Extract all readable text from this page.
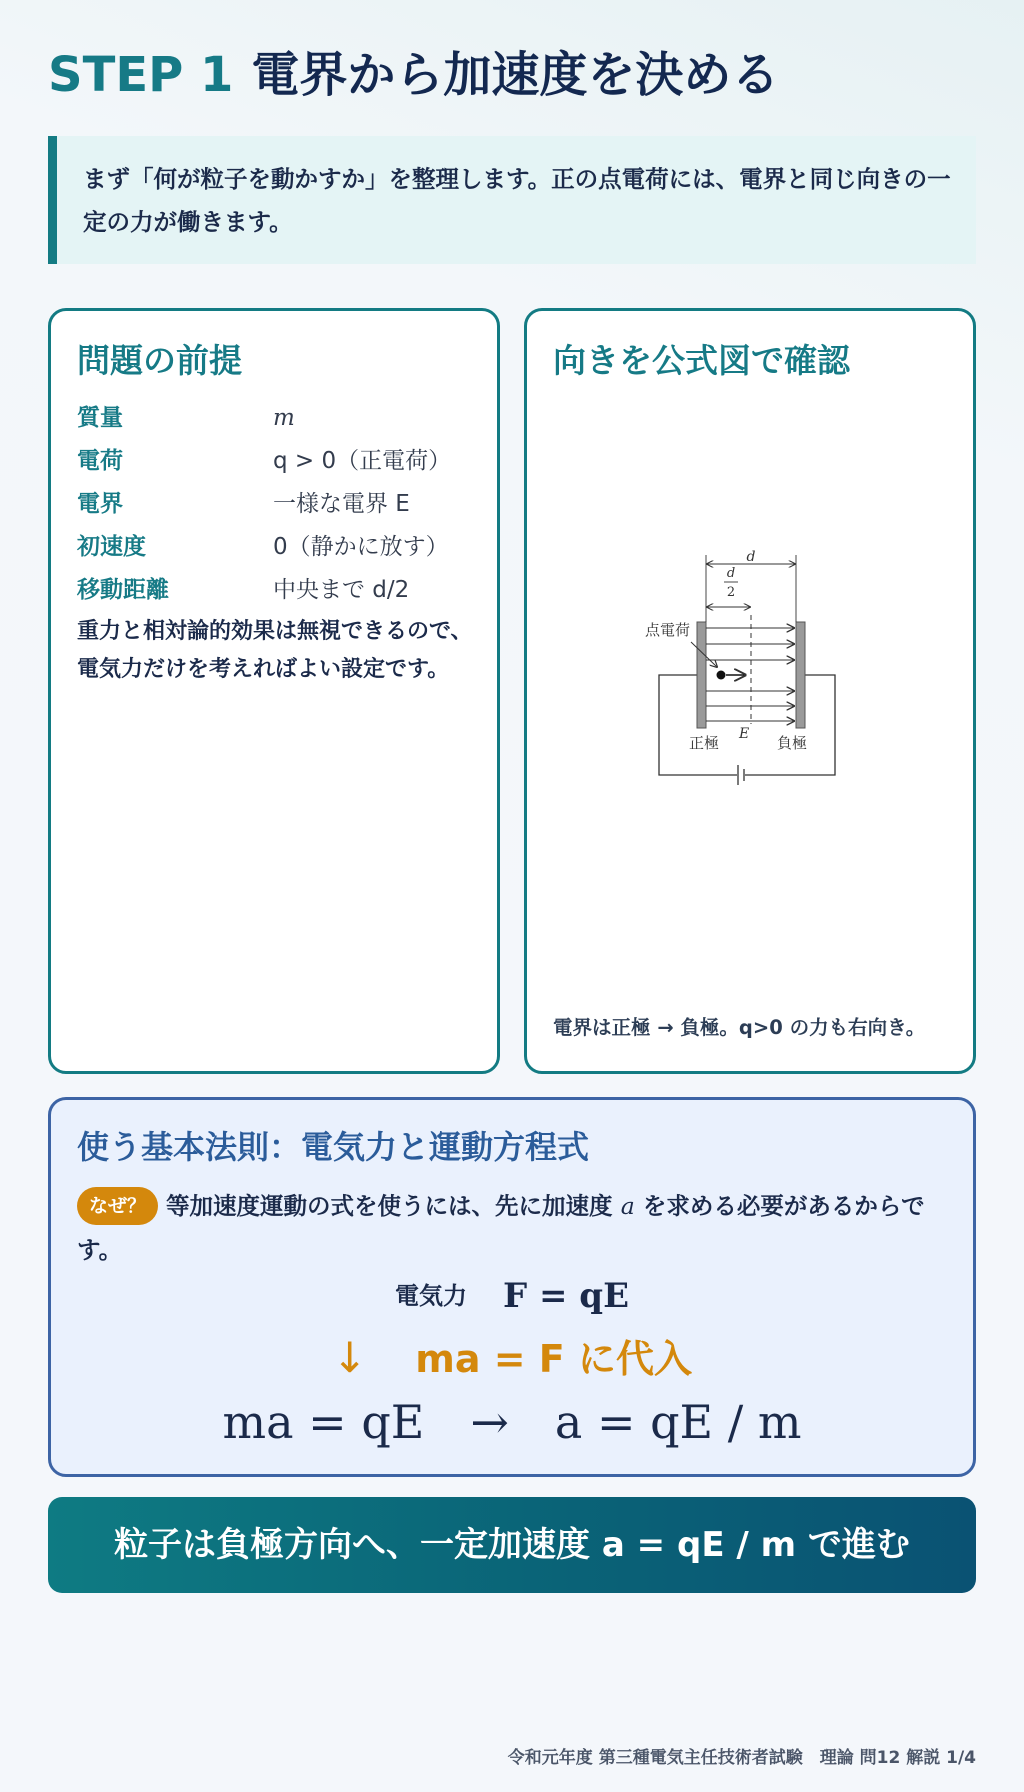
STEP 1 電界から加速度を決める
まず「何が粒子を動かすか」を整理します。正の点電荷には、電界と同じ向きの一定の力が働きます。
問題の前提
質量	m
電荷	q > 0（正電荷）
電界	一様な電界 E
初速度	0（静かに放す）
移動距離	中央まで d/2
重力と相対論的効果は無視できるので、電気力だけを考えればよい設定です。
向きを公式図で確認
d
d
2
点電荷
E
正極	負極
電界は正極 → 負極。q>0 の力も右向き。
使う基本法則：電気力と運動方程式
なぜ？ 等加速度運動の式を使うには、先に加速度 a を求める必要があるからです。
電気力 F = qE
↓ ma = F に代入
ma = qE　→　a = qE / m
粒子は負極方向へ、一定加速度 a = qE / m で進む
令和元年度 第三種電気主任技術者試験　理論 問12 解説 1/4
